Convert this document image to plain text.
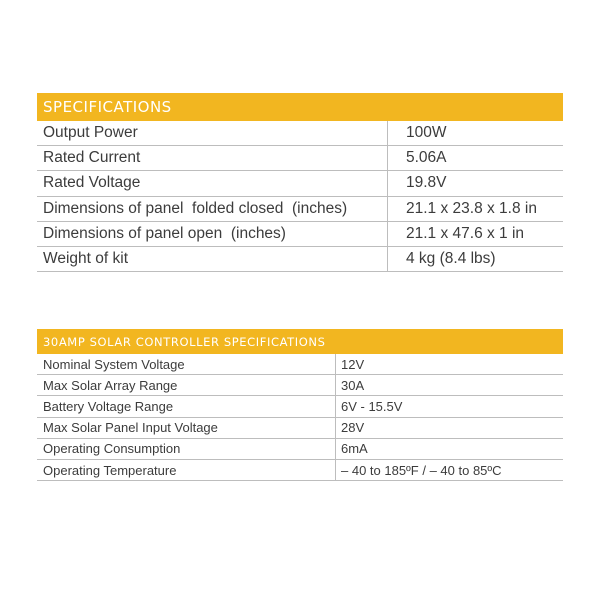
SPECIFICATIONS
Output Power	100W
Rated Current	5.06A
Rated Voltage	19.8V
Dimensions of panel  folded closed  (inches)	21.1 x 23.8 x 1.8 in
Dimensions of panel open  (inches)	21.1 x 47.6 x 1 in
Weight of kit	4 kg (8.4 lbs)
30AMP SOLAR CONTROLLER SPECIFICATIONS
Nominal System Voltage	12V
Max Solar Array Range	30A
Battery Voltage Range	6V - 15.5V
Max Solar Panel Input Voltage	28V
Operating Consumption	6mA
Operating Temperature	– 40 to 185ºF / – 40 to 85ºC
